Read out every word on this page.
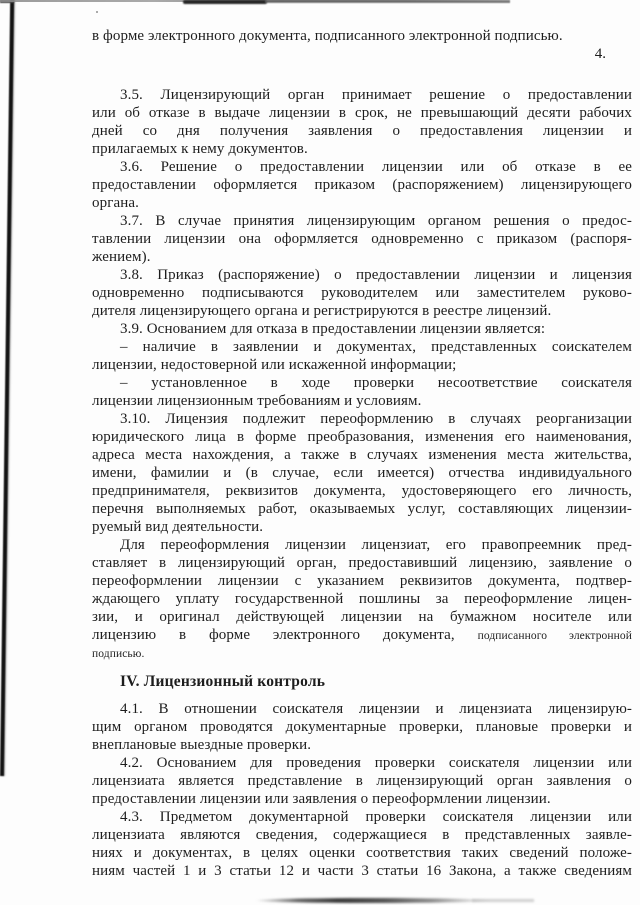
4.
в форме электронного документа, подписанного электронной подписью.
3.5. Лицензирующий орган принимает решение о предоставлении
или об отказе в выдаче лицензии в срок, не превышающий десяти рабочих
дней со дня получения заявления о предоставления лицензии и
прилагаемых к нему документов.
3.6. Решение о предоставлении лицензии или об отказе в ее
предоставлении оформляется приказом (распоряжением) лицензирующего
органа.
3.7. В случае принятия лицензирующим органом решения о предос-
тавлении лицензии она оформляется одновременно с приказом (распоря-
жением).
3.8. Приказ (распоряжение) о предоставлении лицензии и лицензия
одновременно подписываются руководителем или заместителем руково-
дителя лицензирующего органа и регистрируются в реестре лицензий.
3.9. Основанием для отказа в предоставлении лицензии является:
– наличие в заявлении и документах, представленных соискателем
лицензии, недостоверной или искаженной информации;
– установленное в ходе проверки несоответствие соискателя
лицензии лицензионным требованиям и условиям.
3.10. Лицензия подлежит переоформлению в случаях реорганизации
юридического лица в форме преобразования, изменения его наименования,
адреса места нахождения, а также в случаях изменения места жительства,
имени, фамилии и (в случае, если имеется) отчества индивидуального
предпринимателя, реквизитов документа, удостоверяющего его личность,
перечня выполняемых работ, оказываемых услуг, составляющих лицензии-
руемый вид деятельности.
Для переоформления лицензии лицензиат, его правопреемник пред-
ставляет в лицензирующий орган, предоставивший лицензию, заявление о
переоформлении лицензии с указанием реквизитов документа, подтвер-
ждающего уплату государственной пошлины за переоформление лицен-
зии, и оригинал действующей лицензии на бумажном носителе или
лицензию в форме электронного документа, подписанного электронной
подписью.
IV. Лицензионный контроль
4.1. В отношении соискателя лицензии и лицензиата лицензирую-
щим органом проводятся документарные проверки, плановые проверки и
внеплановые выездные проверки.
4.2. Основанием для проведения проверки соискателя лицензии или
лицензиата является представление в лицензирующий орган заявления о
предоставлении лицензии или заявления о переоформлении лицензии.
4.3. Предметом документарной проверки соискателя лицензии или
лицензиата являются сведения, содержащиеся в представленных заявле-
ниях и документах, в целях оценки соответствия таких сведений положе-
ниям частей 1 и 3 статьи 12 и части 3 статьи 16 Закона, а также сведениям
